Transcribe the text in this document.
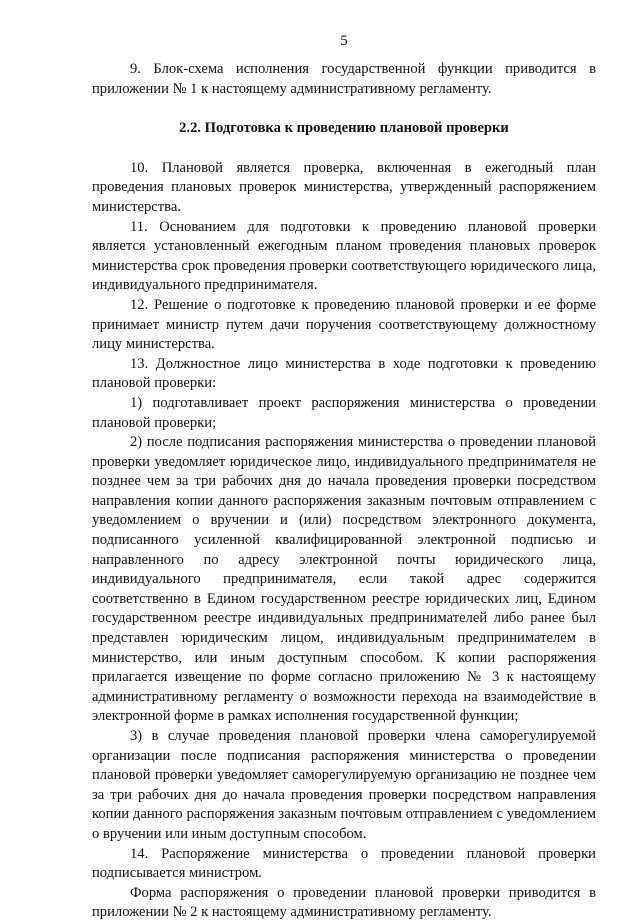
5

9. Блок-схема исполнения государственной функции приводится в приложении № 1 к настоящему административному регламенту.

2.2. Подготовка к проведению плановой проверки

10. Плановой является проверка, включенная в ежегодный план проведения плановых проверок министерства, утвержденный распоряжением министерства.

11. Основанием для подготовки к проведению плановой проверки является установленный ежегодным планом проведения плановых проверок министерства срок проведения проверки соответствующего юридического лица, индивидуального предпринимателя.

12. Решение о подготовке к проведению плановой проверки и ее форме принимает министр путем дачи поручения соответствующему должностному лицу министерства.

13. Должностное лицо министерства в ходе подготовки к проведению плановой проверки:

1) подготавливает проект распоряжения министерства о проведении плановой проверки;

2) после подписания распоряжения министерства о проведении плановой проверки уведомляет юридическое лицо, индивидуального предпринимателя не позднее чем за три рабочих дня до начала проведения проверки посредством направления копии данного распоряжения заказным почтовым отправлением с уведомлением о вручении и (или) посредством электронного документа, подписанного усиленной квалифицированной электронной подписью и направленного по адресу электронной почты юридического лица, индивидуального предпринимателя, если такой адрес содержится соответственно в Едином государственном реестре юридических лиц, Едином государственном реестре индивидуальных предпринимателей либо ранее был представлен юридическим лицом, индивидуальным предпринимателем в министерство, или иным доступным способом. К копии распоряжения прилагается извещение по форме согласно приложению № 3 к настоящему административному регламенту о возможности перехода на взаимодействие в электронной форме в рамках исполнения государственной функции;

3) в случае проведения плановой проверки члена саморегулируемой организации после подписания распоряжения министерства о проведении плановой проверки уведомляет саморегулируемую организацию не позднее чем за три рабочих дня до начала проведения проверки посредством направления копии данного распоряжения заказным почтовым отправлением с уведомлением о вручении или иным доступным способом.

14. Распоряжение министерства о проведении плановой проверки подписывается министром.

Форма распоряжения о проведении плановой проверки приводится в приложении № 2 к настоящему административному регламенту.
